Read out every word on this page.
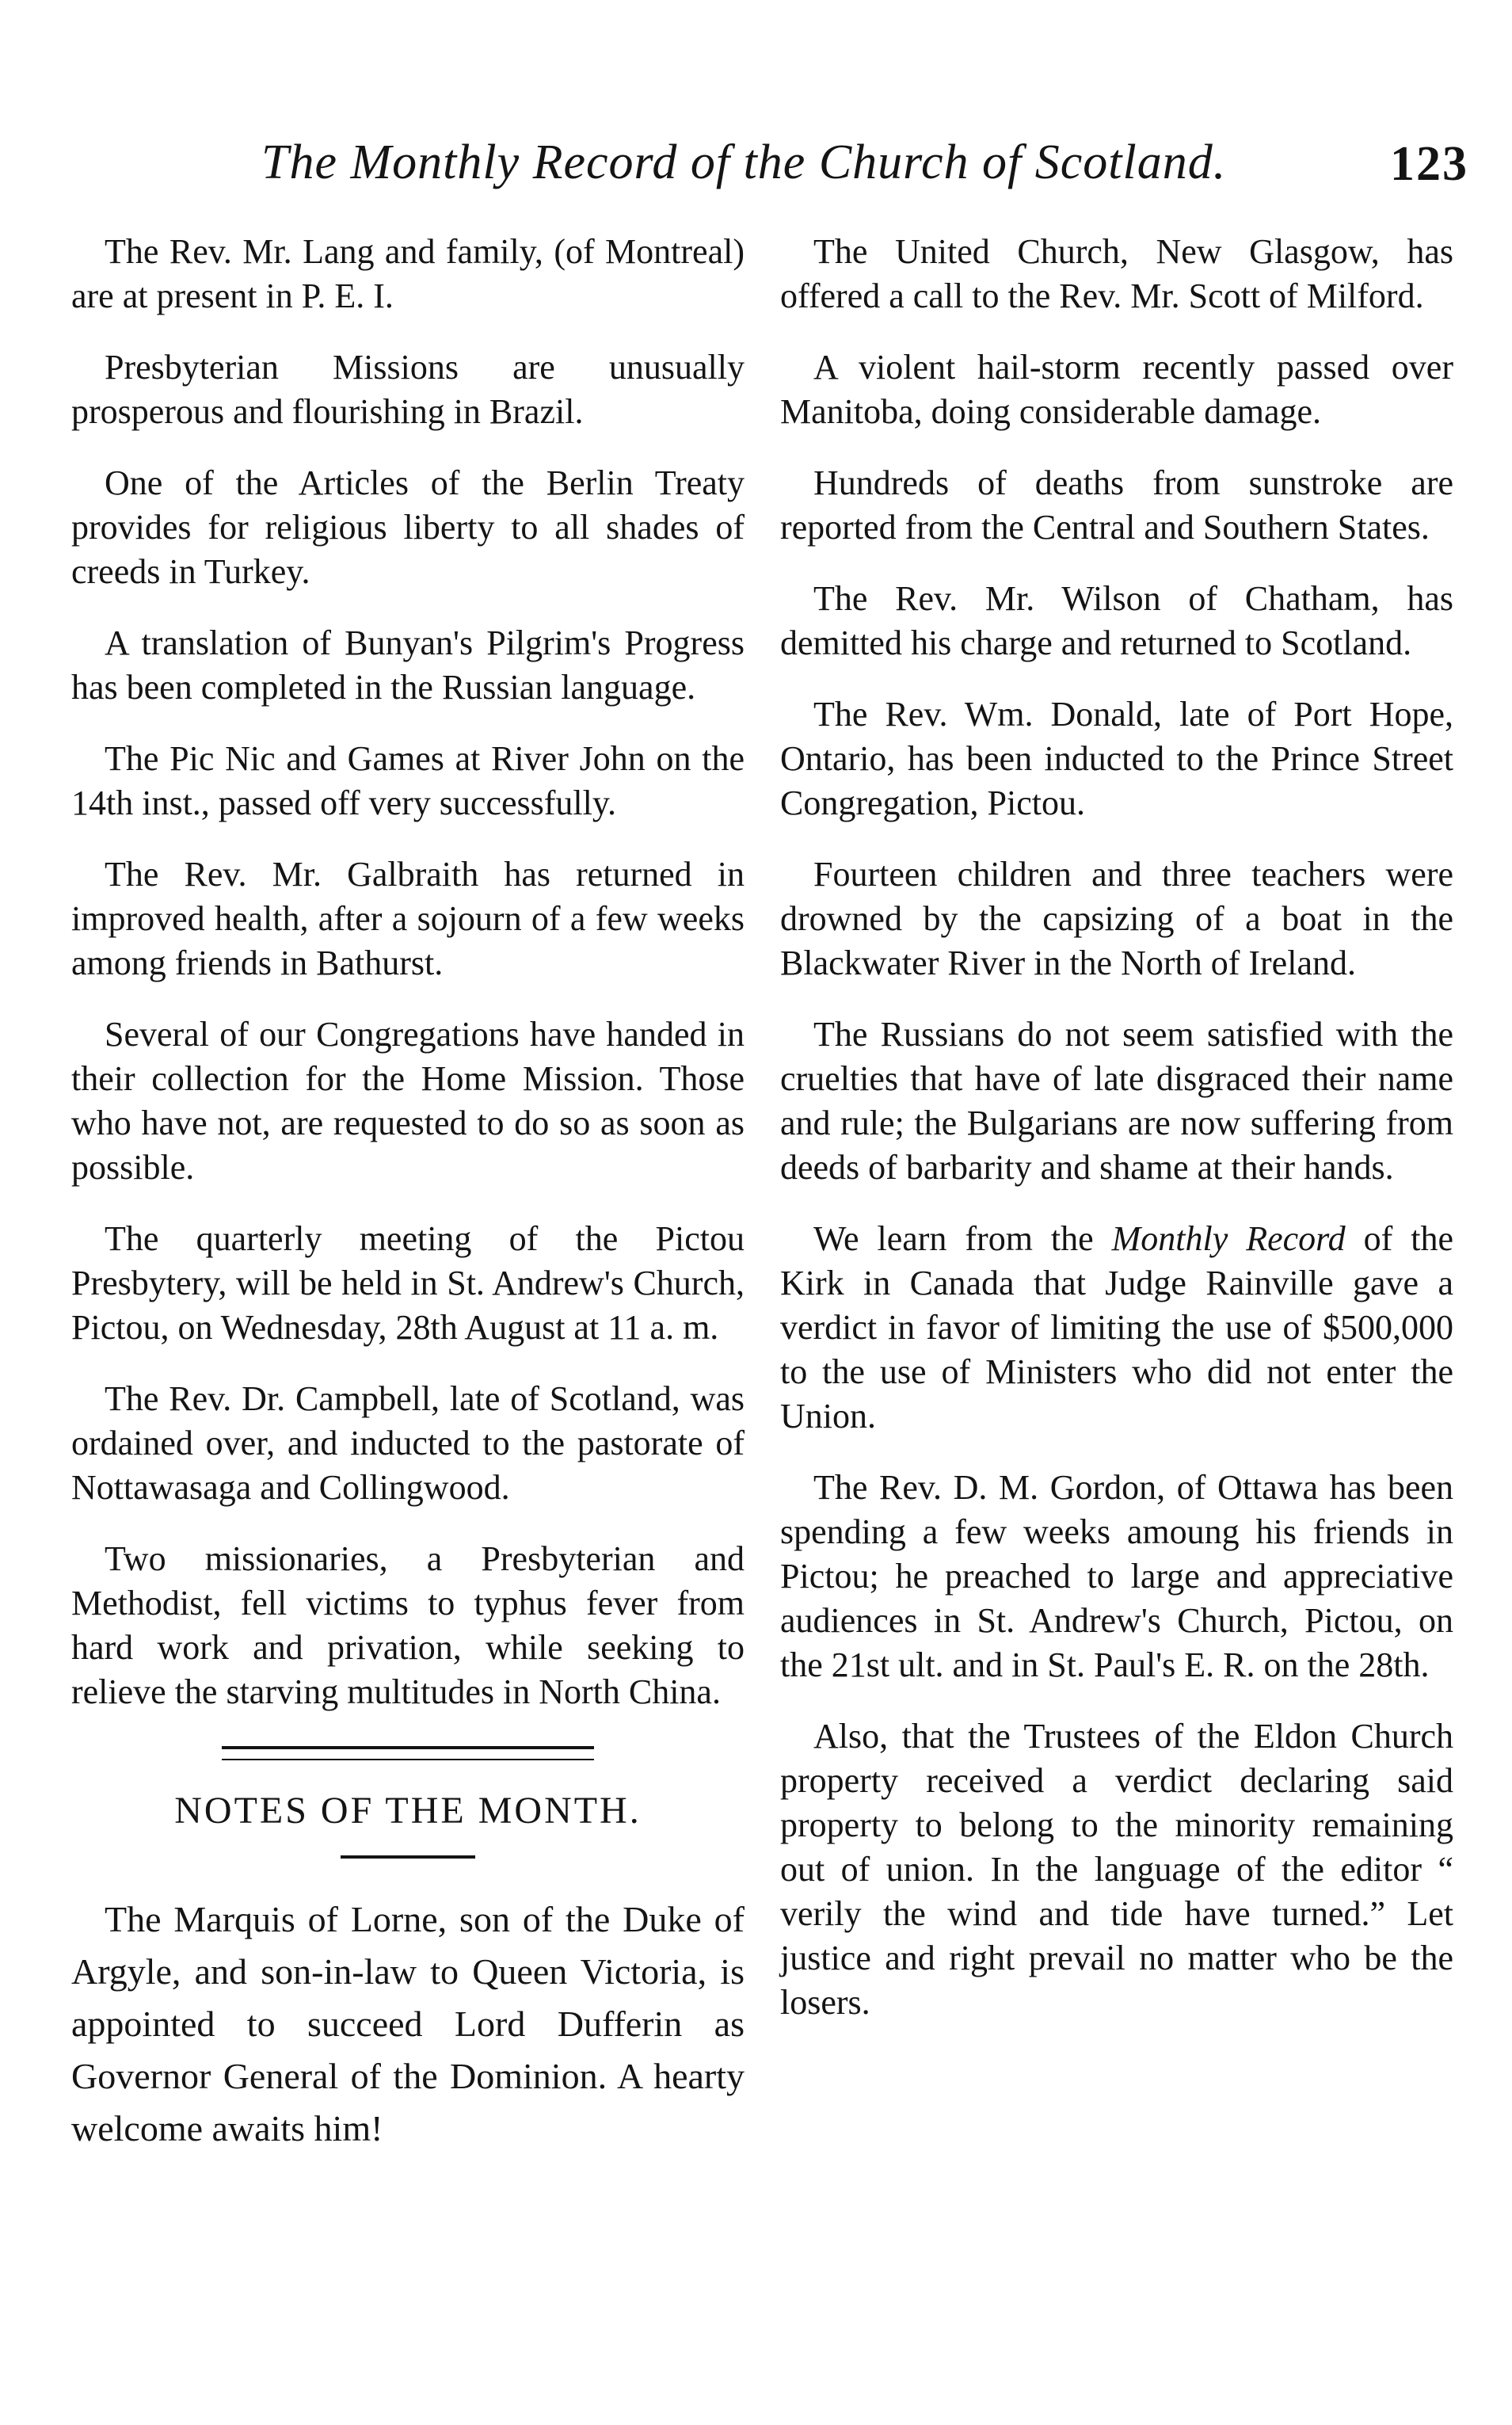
The Monthly Record of the Church of Scotland.	123

The Rev. Mr. Lang and family, (of Montreal) are at present in P. E. I.

Presbyterian Missions are unusually prosperous and flourishing in Brazil.

One of the Articles of the Berlin Treaty provides for religious liberty to all shades of creeds in Turkey.

A translation of Bunyan's Pilgrim's Progress has been completed in the Russian language.

The Pic Nic and Games at River John on the 14th inst., passed off very successfully.

The Rev. Mr. Galbraith has returned in improved health, after a sojourn of a few weeks among friends in Bathurst.

Several of our Congregations have handed in their collection for the Home Mission. Those who have not, are requested to do so as soon as possible.

The quarterly meeting of the Pictou Presbytery, will be held in St. Andrew's Church, Pictou, on Wednesday, 28th August at 11 a. m.

The Rev. Dr. Campbell, late of Scotland, was ordained over, and inducted to the pastorate of Nottawasaga and Collingwood.

Two missionaries, a Presbyterian and Methodist, fell victims to typhus fever from hard work and privation, while seeking to relieve the starving multitudes in North China.

NOTES OF THE MONTH.

The Marquis of Lorne, son of the Duke of Argyle, and son-in-law to Queen Victoria, is appointed to succeed Lord Dufferin as Governor General of the Dominion. A hearty welcome awaits him!

The United Church, New Glasgow, has offered a call to the Rev. Mr. Scott of Milford.

A violent hail-storm recently passed over Manitoba, doing considerable damage.

Hundreds of deaths from sunstroke are reported from the Central and Southern States.

The Rev. Mr. Wilson of Chatham, has demitted his charge and returned to Scotland.

The Rev. Wm. Donald, late of Port Hope, Ontario, has been inducted to the Prince Street Congregation, Pictou.

Fourteen children and three teachers were drowned by the capsizing of a boat in the Blackwater River in the North of Ireland.

The Russians do not seem satisfied with the cruelties that have of late disgraced their name and rule; the Bulgarians are now suffering from deeds of barbarity and shame at their hands.

We learn from the Monthly Record of the Kirk in Canada that Judge Rainville gave a verdict in favor of limiting the use of $500,000 to the use of Ministers who did not enter the Union.

The Rev. D. M. Gordon, of Ottawa has been spending a few weeks amoung his friends in Pictou; he preached to large and appreciative audiences in St. Andrew's Church, Pictou, on the 21st ult. and in St. Paul's E. R. on the 28th.

Also, that the Trustees of the Eldon Church property received a verdict declaring said property to belong to the minority remaining out of union. In the language of the editor “ verily the wind and tide have turned.” Let justice and right prevail no matter who be the losers.
